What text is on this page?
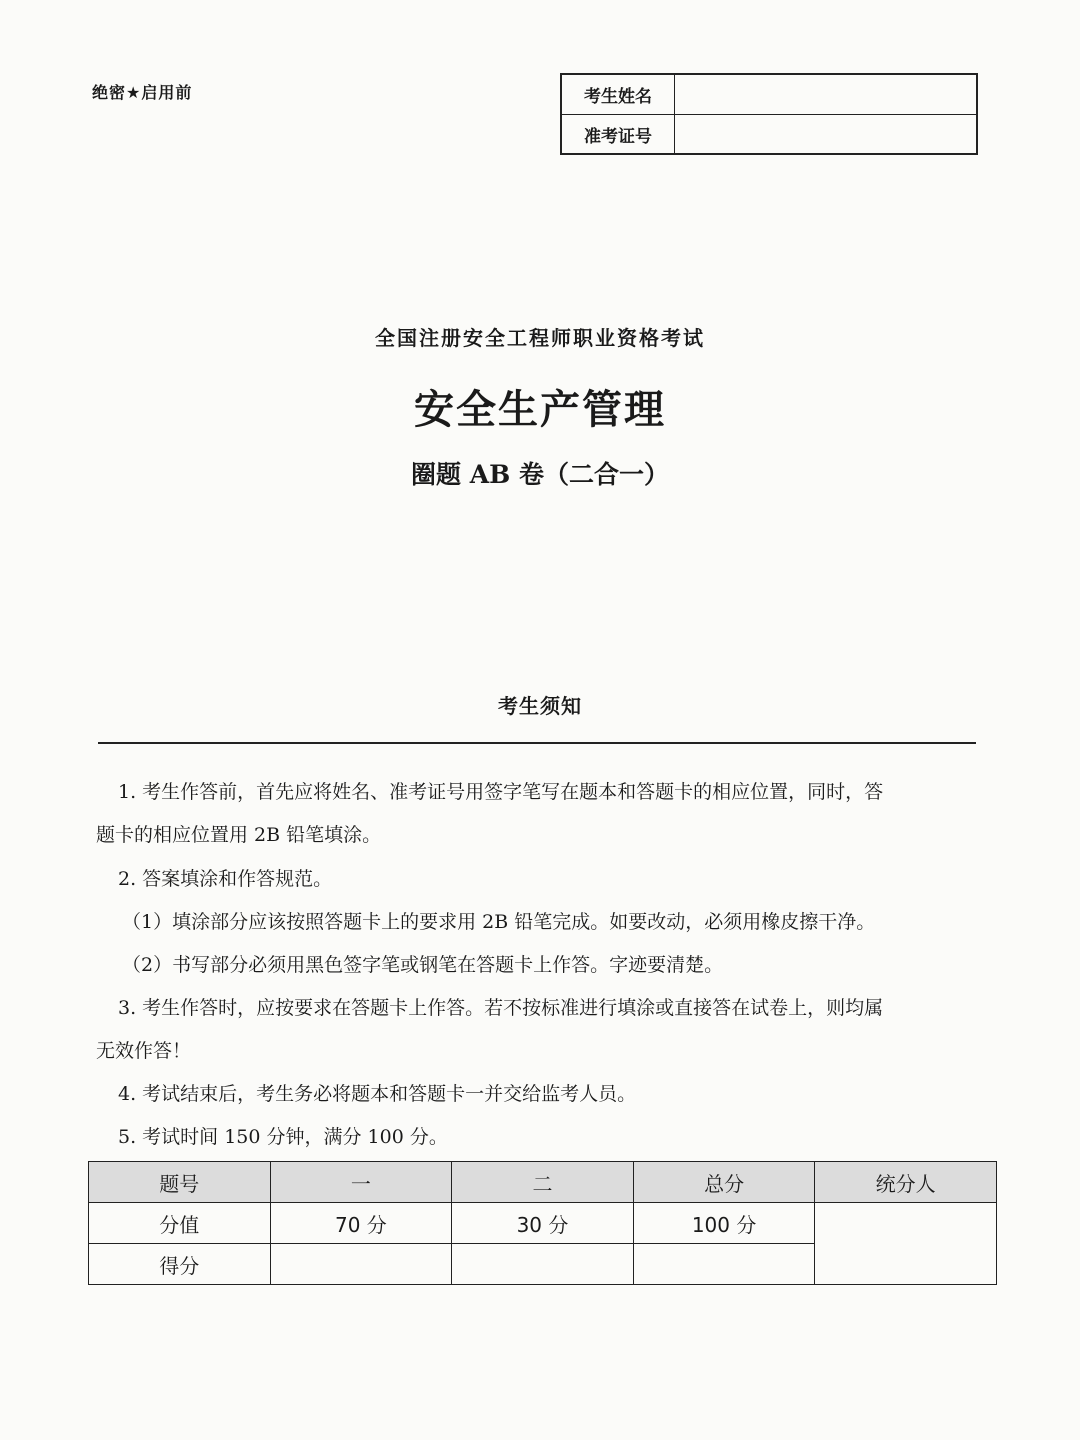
绝密★启用前	考生姓名
准考证号
全国注册安全工程师职业资格考试
安全生产管理
圈题 AB 卷（二合一）
考生须知
1. 考生作答前，首先应将姓名、准考证号用签字笔写在题本和答题卡的相应位置，同时，答
题卡的相应位置用 2B 铅笔填涂。
2. 答案填涂和作答规范。
（1）填涂部分应该按照答题卡上的要求用 2B 铅笔完成。如要改动，必须用橡皮擦干净。
（2）书写部分必须用黑色签字笔或钢笔在答题卡上作答。字迹要清楚。
3. 考生作答时，应按要求在答题卡上作答。若不按标准进行填涂或直接答在试卷上，则均属
无效作答！
4. 考试结束后，考生务必将题本和答题卡一并交给监考人员。
5. 考试时间 150 分钟，满分 100 分。
题号	一	二	总分	统分人
分值	70 分	30 分	100 分	
得分				
